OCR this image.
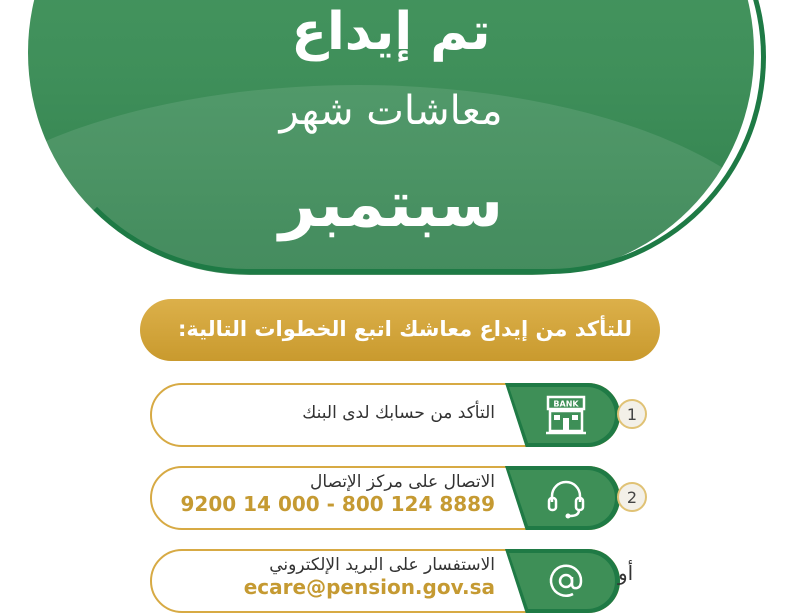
تم إيداع
معاشات شهر
سبتمبر
للتأكد من إيداع معاشك اتبع الخطوات التالية:
BANK
التأكد من حسابك لدى البنك	1
الاتصال على مركز الإتصال
9200 14 000 - 800 124 8889	2
الاستفسار على البريد الإلكتروني
ecare@pension.gov.sa
أو
